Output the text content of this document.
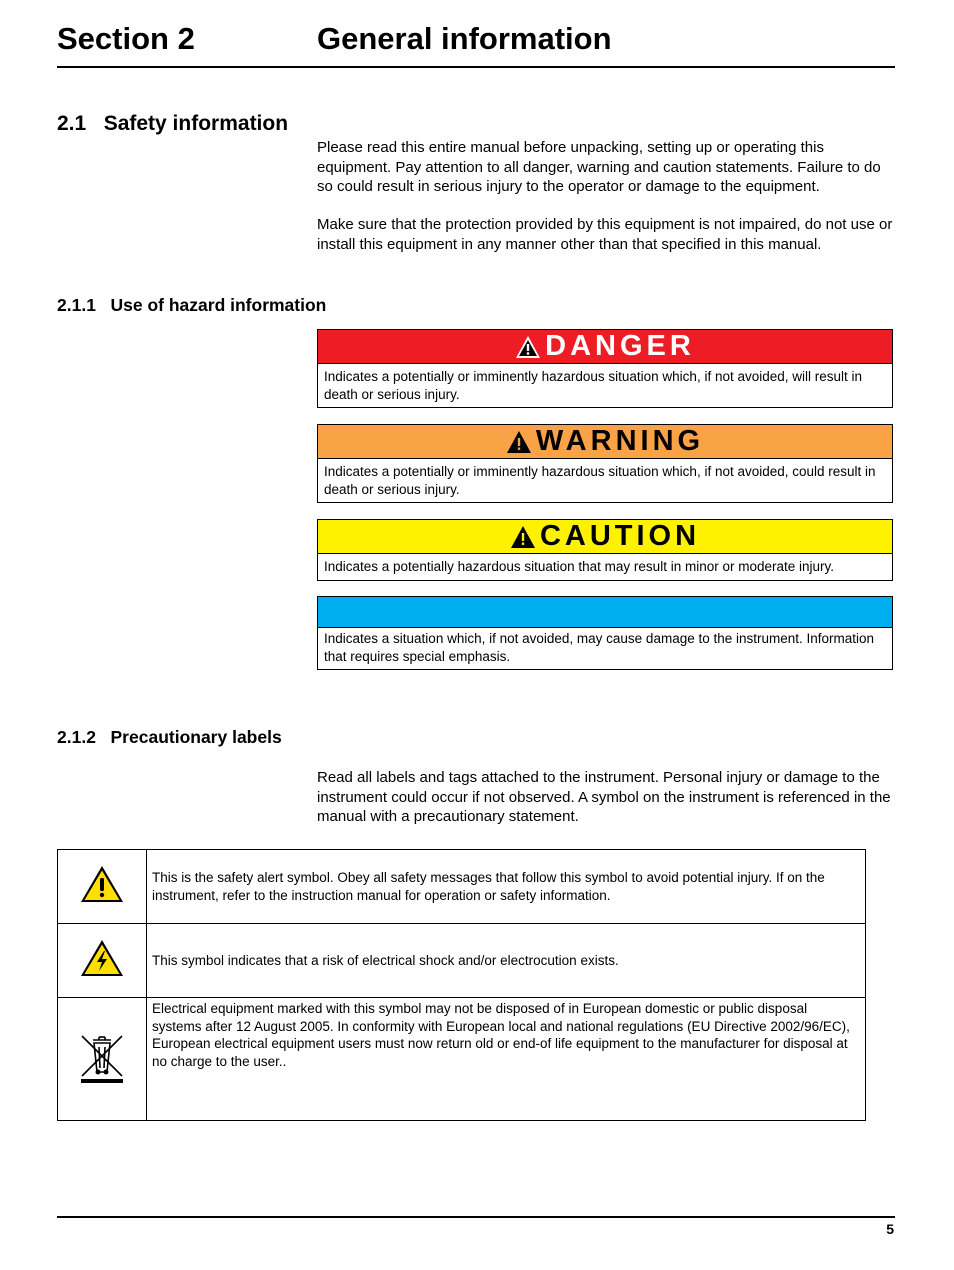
Section 2	General information
2.1   Safety information
Please read this entire manual before unpacking, setting up or operating this equipment. Pay attention to all danger, warning and caution statements. Failure to do so could result in serious injury to the operator or damage to the equipment.
Make sure that the protection provided by this equipment is not impaired, do not use or install this equipment in any manner other than that specified in this manual.
2.1.1   Use of hazard information
DANGER
Indicates a potentially or imminently hazardous situation which, if not avoided, will result in death or serious injury.
WARNING
Indicates a potentially or imminently hazardous situation which, if not avoided, could result in death or serious injury.
CAUTION
Indicates a potentially hazardous situation that may result in minor or moderate injury.
Indicates a situation which, if not avoided, may cause damage to the instrument. Information that requires special emphasis.
2.1.2   Precautionary labels
Read all labels and tags attached to the instrument. Personal injury or damage to the instrument could occur if not observed. A symbol on the instrument is referenced in the manual with a precautionary statement.
	This is the safety alert symbol. Obey all safety messages that follow this symbol to avoid potential injury. If on the instrument, refer to the instruction manual for operation or safety information.
	This symbol indicates that a risk of electrical shock and/or electrocution exists.
	Electrical equipment marked with this symbol may not be disposed of in European domestic or public disposal systems after 12 August 2005. In conformity with European local and national regulations (EU Directive 2002/96/EC), European electrical equipment users must now return old or end-of life equipment to the manufacturer for disposal at no charge to the user..
5
